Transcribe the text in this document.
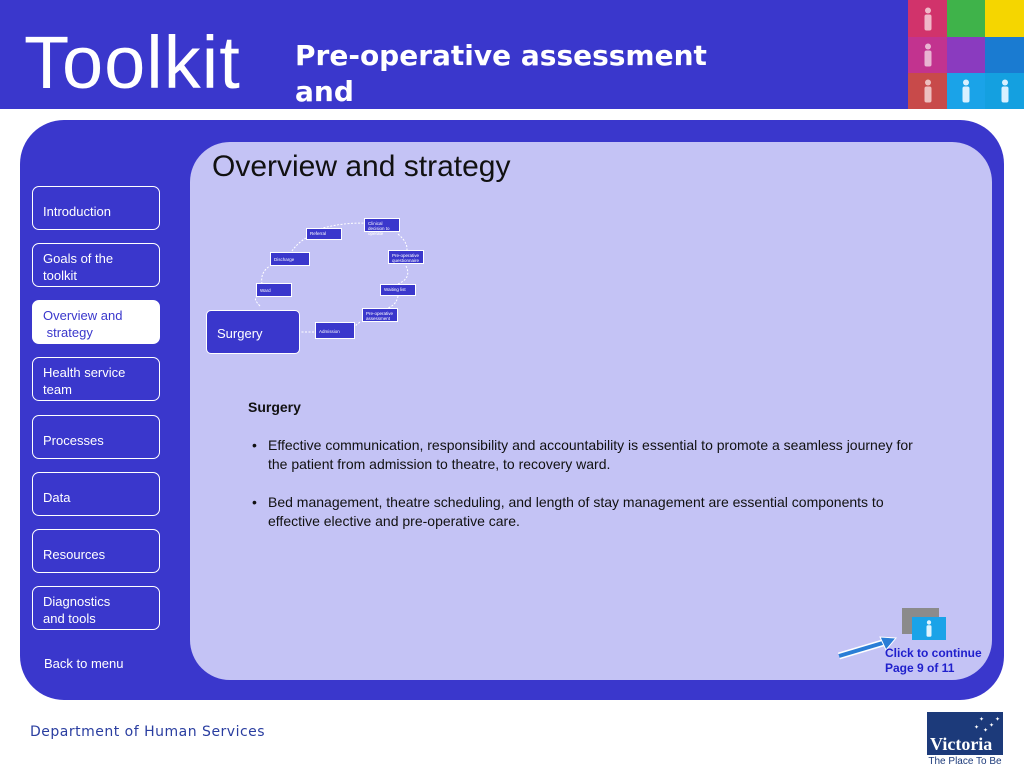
Toolkit Pre-operative assessment and
Overview and strategy
Introduction
Goals of the
toolkit
Overview and
strategy
Health service
team
Processes
Data
Resources
Diagnostics
and tools
Back to menu
Referral
Clinical decision to operate
Pre-operative questionnaire
Waiting list
Pre-operative assessment
Admission
Ward
Discharge
Surgery
Surgery
• Effective communication, responsibility and accountability is essential to promote a seamless journey for the patient from admission to theatre, to recovery ward.
• Bed management, theatre scheduling, and length of stay management are essential components to effective elective and pre-operative care.
Click to continue
Page 9 of 11
Department of Human Services
✦
✦
✦
✦
✦
Victoria
The Place To Be
